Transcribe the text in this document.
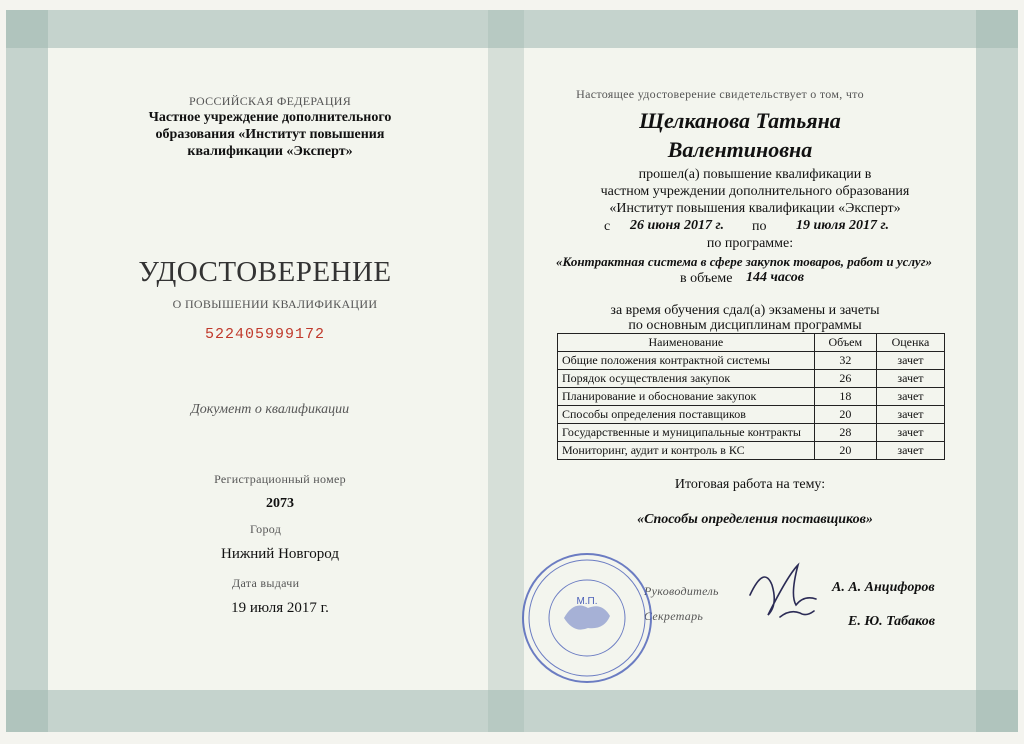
РОССИЙСКАЯ ФЕДЕРАЦИЯ
Частное учреждение дополнительного
образования «Институт повышения
квалификации «Эксперт»
УДОСТОВЕРЕНИЕ
О ПОВЫШЕНИИ КВАЛИФИКАЦИИ
522405999172
Документ о квалификации
Регистрационный номер
2073
Город
Нижний Новгород
Дата выдачи
19 июля 2017 г.
Настоящее удостоверение свидетельствует о том, что
Щелканова Татьяна
Валентиновна
прошел(а) повышение квалификации в
частном учреждении дополнительного образования
«Институт повышения квалификации «Эксперт»
с 26 июня 2017 г. по 19 июля 2017 г.
по программе:
«Контрактная система в сфере закупок товаров, работ и услуг»
в объеме 144 часов
за время обучения сдал(а) экзамены и зачеты
по основным дисциплинам программы
Наименование	Объем	Оценка
Общие положения контрактной системы	32	зачет
Порядок осуществления закупок	26	зачет
Планирование и обоснование закупок	18	зачет
Способы определения поставщиков	20	зачет
Государственные и муниципальные контракты	28	зачет
Мониторинг, аудит и контроль в КС	20	зачет
Итоговая работа на тему:
«Способы определения поставщиков»
Руководитель	А. А. Анцифоров
Секретарь	Е. Ю. Табаков
М.П.
